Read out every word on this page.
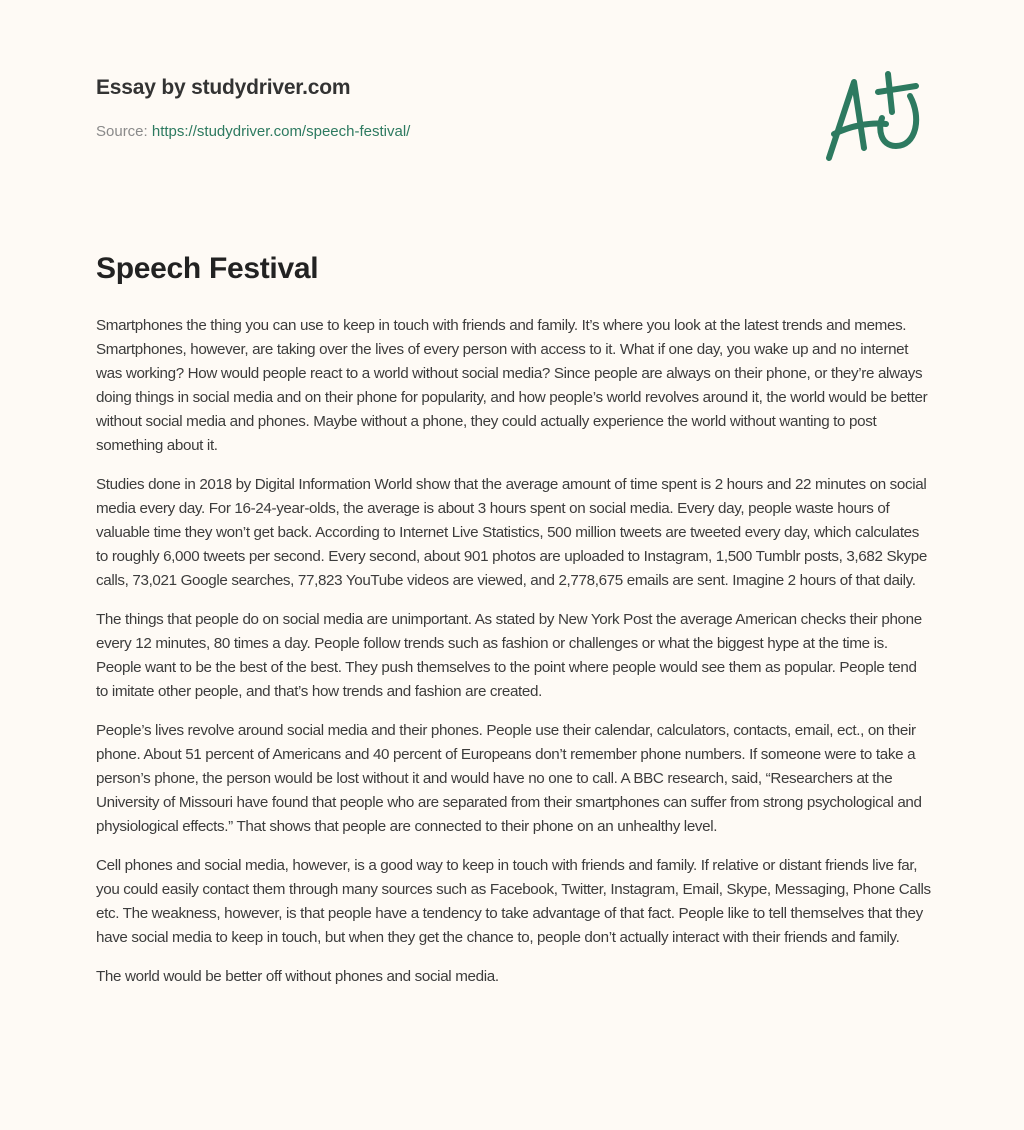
Essay by studydriver.com
Source: https://studydriver.com/speech-festival/
Speech Festival

Smartphones the thing you can use to keep in touch with friends and family. It’s where you look at the latest trends and memes. Smartphones, however, are taking over the lives of every person with access to it. What if one day, you wake up and no internet was working? How would people react to a world without social media? Since people are always on their phone, or they’re always doing things in social media and on their phone for popularity, and how people’s world revolves around it, the world would be better without social media and phones. Maybe without a phone, they could actually experience the world without wanting to post something about it.

Studies done in 2018 by Digital Information World show that the average amount of time spent is 2 hours and 22 minutes on social media every day. For 16-24-year-olds, the average is about 3 hours spent on social media. Every day, people waste hours of valuable time they won’t get back. According to Internet Live Statistics, 500 million tweets are tweeted every day, which calculates to roughly 6,000 tweets per second. Every second, about 901 photos are uploaded to Instagram, 1,500 Tumblr posts, 3,682 Skype calls, 73,021 Google searches, 77,823 YouTube videos are viewed, and 2,778,675 emails are sent. Imagine 2 hours of that daily.

The things that people do on social media are unimportant. As stated by New York Post the average American checks their phone every 12 minutes, 80 times a day. People follow trends such as fashion or challenges or what the biggest hype at the time is. People want to be the best of the best. They push themselves to the point where people would see them as popular. People tend to imitate other people, and that’s how trends and fashion are created.

People’s lives revolve around social media and their phones. People use their calendar, calculators, contacts, email, ect., on their phone. About 51 percent of Americans and 40 percent of Europeans don’t remember phone numbers. If someone were to take a person’s phone, the person would be lost without it and would have no one to call. A BBC research, said, “Researchers at the University of Missouri have found that people who are separated from their smartphones can suffer from strong psychological and physiological effects.” That shows that people are connected to their phone on an unhealthy level.

Cell phones and social media, however, is a good way to keep in touch with friends and family. If relative or distant friends live far, you could easily contact them through many sources such as Facebook, Twitter, Instagram, Email, Skype, Messaging, Phone Calls etc. The weakness, however, is that people have a tendency to take advantage of that fact. People like to tell themselves that they have social media to keep in touch, but when they get the chance to, people don’t actually interact with their friends and family.

The world would be better off without phones and social media.
